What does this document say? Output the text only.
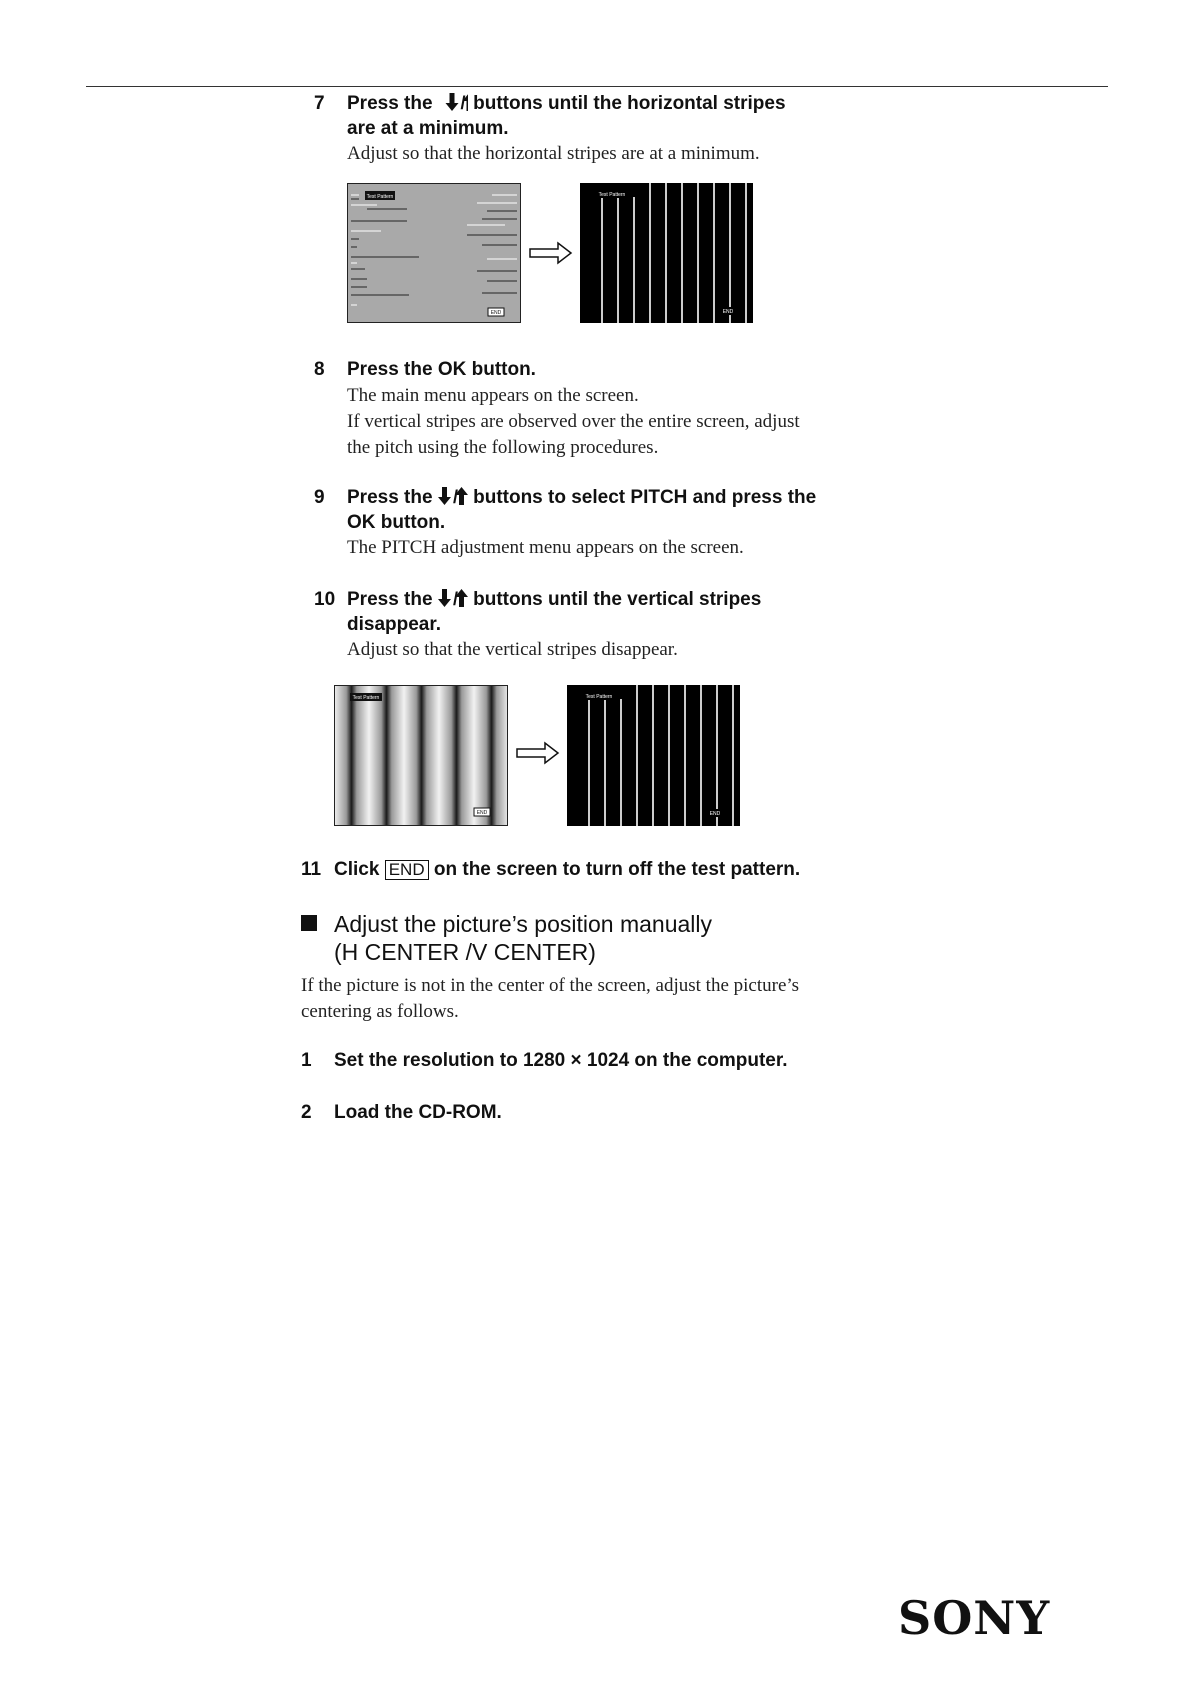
7 Press the / buttons until the horizontal stripes
are at a minimum.
Adjust so that the horizontal stripes are at a minimum.
Test Pattern
END
Test Pattern
END
8 Press the OK button.
The main menu appears on the screen.
If vertical stripes are observed over the entire screen, adjust
the pitch using the following procedures.
9 Press the / buttons to select PITCH and press the
OK button.
The PITCH adjustment menu appears on the screen.
10 Press the / buttons until the vertical stripes
disappear.
Adjust so that the vertical stripes disappear.
Test Pattern
END
Test Pattern
END
11 Click END on the screen to turn off the test pattern.
Adjust the picture’s position manually
(H CENTER /V CENTER)
If the picture is not in the center of the screen, adjust the picture’s
centering as follows.
1 Set the resolution to 1280 × 1024 on the computer.
2 Load the CD-ROM.
SONY
